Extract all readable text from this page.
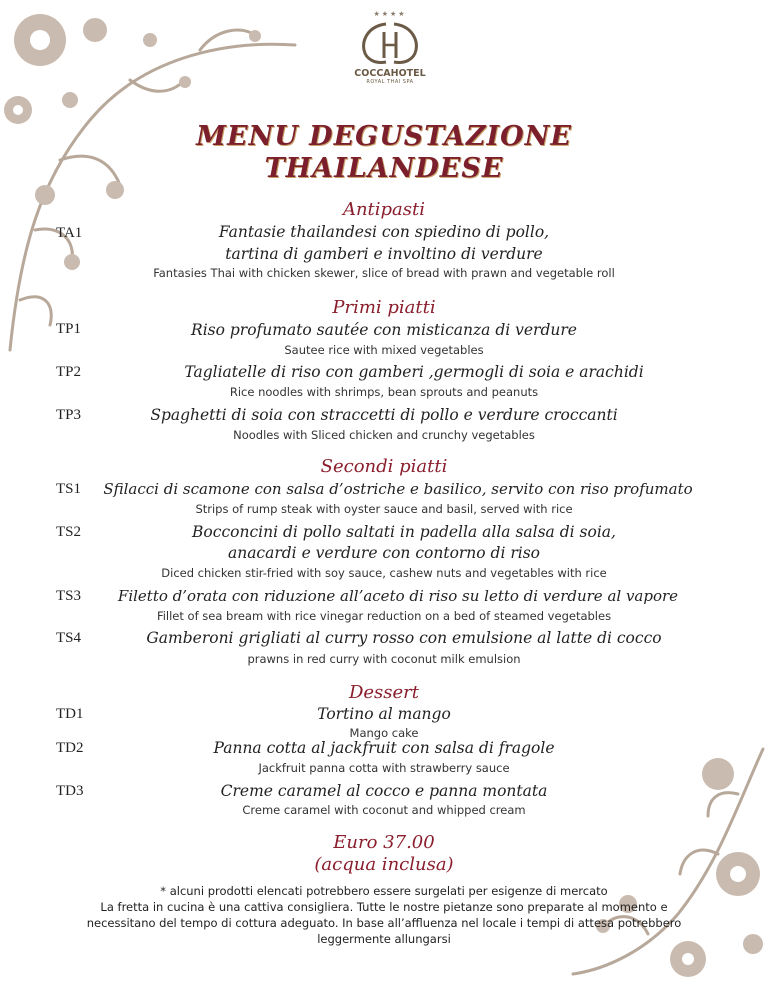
★★★★
COCCAHOTEL
ROYAL THAI SPA
MENU DEGUSTAZIONE
THAILANDESE
Antipasti
TA1	Fantasie thailandesi con spiedino di pollo,
tartina di gamberi e involtino di verdure
Fantasies Thai with chicken skewer, slice of bread with prawn and vegetable roll
Primi piatti
TP1	Riso profumato sautée con misticanza di verdure
Sautee rice with mixed vegetables
TP2	Tagliatelle di riso con gamberi ,germogli di soia e arachidi
Rice noodles with shrimps, bean sprouts and peanuts
TP3	Spaghetti di soia con straccetti di pollo e verdure croccanti
Noodles with Sliced chicken and crunchy vegetables
Secondi piatti
TS1	Sfilacci di scamone con salsa d’ostriche e basilico, servito con riso profumato
Strips of rump steak with oyster sauce and basil, served with rice
TS2	Bocconcini di pollo saltati in padella alla salsa di soia,
anacardi e verdure con contorno di riso
Diced chicken stir-fried with soy sauce, cashew nuts and vegetables with rice
TS3	Filetto d’orata con riduzione all’aceto di riso su letto di verdure al vapore
Fillet of sea bream with rice vinegar reduction on a bed of steamed vegetables
TS4	Gamberoni grigliati al curry rosso con emulsione al latte di cocco
prawns in red curry with coconut milk emulsion
Dessert
TD1	Tortino al mango
Mango cake
TD2	Panna cotta al jackfruit con salsa di fragole
Jackfruit panna cotta with strawberry sauce
TD3	Creme caramel al cocco e panna montata
Creme caramel with coconut and whipped cream
Euro 37.00
(acqua inclusa)
* alcuni prodotti elencati potrebbero essere surgelati per esigenze di mercato
La fretta in cucina è una cattiva consigliera. Tutte le nostre pietanze sono preparate al momento e
necessitano del tempo di cottura adeguato. In base all’affluenza nel locale i tempi di attesa potrebbero
leggermente allungarsi
